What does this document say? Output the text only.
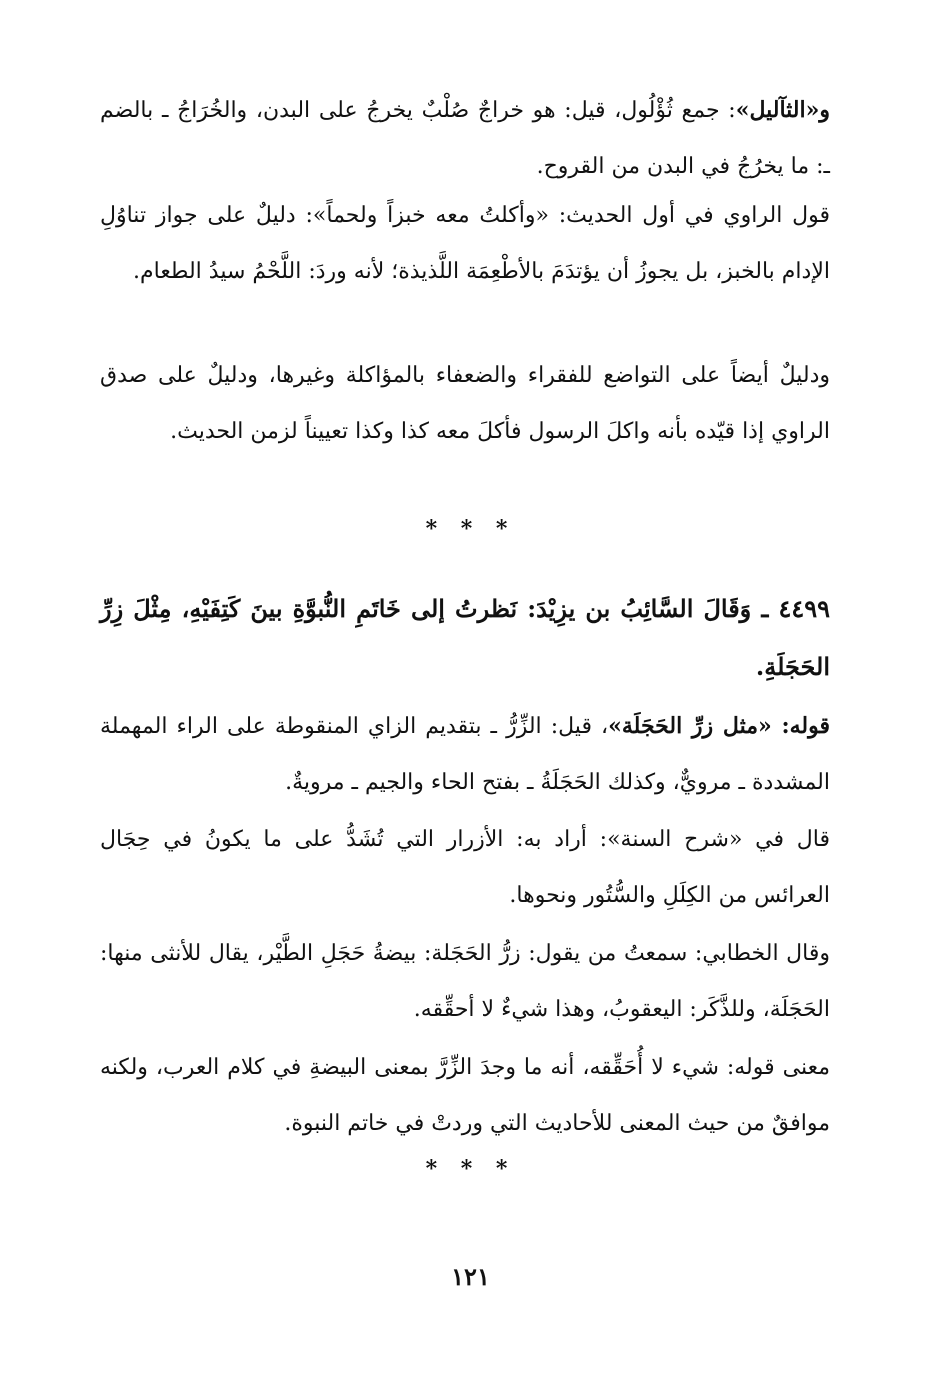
و«الثآليل»: جمع ثُؤْلُول، قيل: هو خراجٌ صُلْبٌ يخرجُ على البدن، والخُرَاجُ ـ بالضم ـ: ما يخرُجُ في البدن من القروح.

قول الراوي في أول الحديث: «وأكلتُ معه خبزاً ولحماً»: دليلٌ على جواز تناوُلِ الإدام بالخبز، بل يجوزُ أن يؤتدَمَ بالأطْعِمَة اللَّذيذة؛ لأنه وردَ: اللَّحْمُ سيدُ الطعام.

ودليلٌ أيضاً على التواضع للفقراء والضعفاء بالمؤاكلة وغيرها، ودليلٌ على صدق الراوي إذا قيّده بأنه واكلَ الرسول فأكلَ معه كذا وكذا تعييناً لزمن الحديث.

* * *

٤٤٩٩ ـ وَقَالَ السَّائِبُ بن يزِيْدَ: نَظرتُ إلى خَاتَمِ النُّبوَّةِ بينَ كَتِفَيْهِ، مِثْلَ زِرِّ الحَجَلَةِ.

قوله: «مثل زرِّ الحَجَلَة»، قيل: الزِّرُّ ـ بتقديم الزاي المنقوطة على الراء المهملة المشددة ـ مرويٌّ، وكذلك الحَجَلَةُ ـ بفتح الحاء والجيم ـ مرويةٌ.

قال في «شرح السنة»: أراد به: الأزرار التي تُشَدُّ على ما يكونُ في حِجَال العرائس من الكِلَلِ والسُّتُور ونحوها.

وقال الخطابي: سمعتُ من يقول: زرُّ الحَجَلة: بيضةُ حَجَلِ الطَّيْر، يقال للأنثى منها: الحَجَلَة، وللذَّكَر: اليعقوبُ، وهذا شيءٌ لا أحقِّقه.

معنى قوله: شيء لا أُحَقِّقه، أنه ما وجدَ الزِّرَّ بمعنى البيضةِ في كلام العرب، ولكنه موافقٌ من حيث المعنى للأحاديث التي وردتْ في خاتم النبوة.

* * *
١٢١
